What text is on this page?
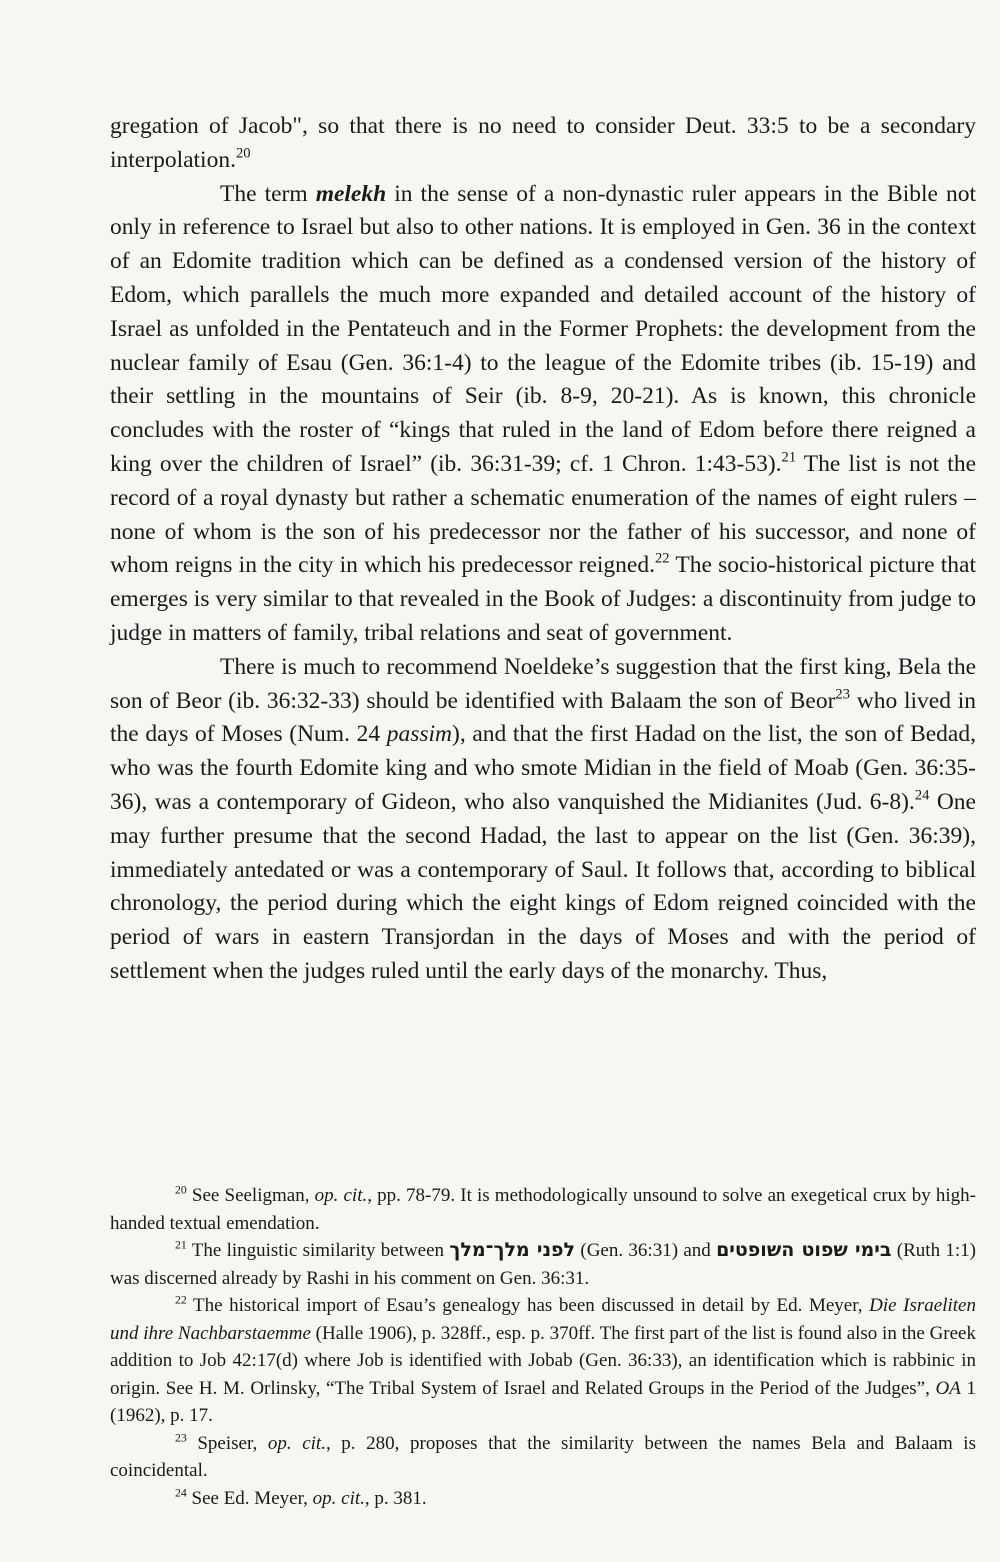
gregation of Jacob", so that there is no need to consider Deut. 33:5 to be a secondary interpolation.$^{20}$

The term melekh in the sense of a non-dynastic ruler appears in the Bible not only in reference to Israel but also to other nations. It is employed in Gen. 36 in the context of an Edomite tradition which can be defined as a condensed version of the history of Edom, which parallels the much more expanded and detailed account of the history of Israel as unfolded in the Pentateuch and in the Former Prophets: the development from the nuclear family of Esau (Gen. 36:1-4) to the league of the Edomite tribes (ib. 15-19) and their settling in the mountains of Seir (ib. 8-9, 20-21). As is known, this chronicle concludes with the roster of “kings that ruled in the land of Edom before there reigned a king over the children of Israel” (ib. 36:31-39; cf. 1 Chron. 1:43-53).$^{21}$ The list is not the record of a royal dynasty but rather a schematic enumeration of the names of eight rulers – none of whom is the son of his predecessor nor the father of his successor, and none of whom reigns in the city in which his predecessor reigned.$^{22}$ The socio-historical picture that emerges is very similar to that revealed in the Book of Judges: a discontinuity from judge to judge in matters of family, tribal relations and seat of government.

There is much to recommend Noeldeke’s suggestion that the first king, Bela the son of Beor (ib. 36:32-33) should be identified with Balaam the son of Beor$^{23}$ who lived in the days of Moses (Num. 24 passim), and that the first Hadad on the list, the son of Bedad, who was the fourth Edomite king and who smote Midian in the field of Moab (Gen. 36:35-36), was a contemporary of Gideon, who also vanquished the Midianites (Jud. 6-8).$^{24}$ One may further presume that the second Hadad, the last to appear on the list (Gen. 36:39), immediately antedated or was a contemporary of Saul. It follows that, according to biblical chronology, the period during which the eight kings of Edom reigned coincided with the period of wars in eastern Transjordan in the days of Moses and with the period of settlement when the judges ruled until the early days of the monarchy. Thus,

$^{20}$ See Seeligman, op. cit., pp. 78-79. It is methodologically unsound to solve an exegetical crux by high-handed textual emendation.

$^{21}$ The linguistic similarity between לפני מלך־מלך (Gen. 36:31) and בימי שפוט השופטים (Ruth 1:1) was discerned already by Rashi in his comment on Gen. 36:31.

$^{22}$ The historical import of Esau’s genealogy has been discussed in detail by Ed. Meyer, Die Israeliten und ihre Nachbarstaemme (Halle 1906), p. 328ff., esp. p. 370ff. The first part of the list is found also in the Greek addition to Job 42:17(d) where Job is identified with Jobab (Gen. 36:33), an identification which is rabbinic in origin. See H. M. Orlinsky, “The Tribal System of Israel and Related Groups in the Period of the Judges”, OA 1 (1962), p. 17.

$^{23}$ Speiser, op. cit., p. 280, proposes that the similarity between the names Bela and Balaam is coincidental.

$^{24}$ See Ed. Meyer, op. cit., p. 381.
